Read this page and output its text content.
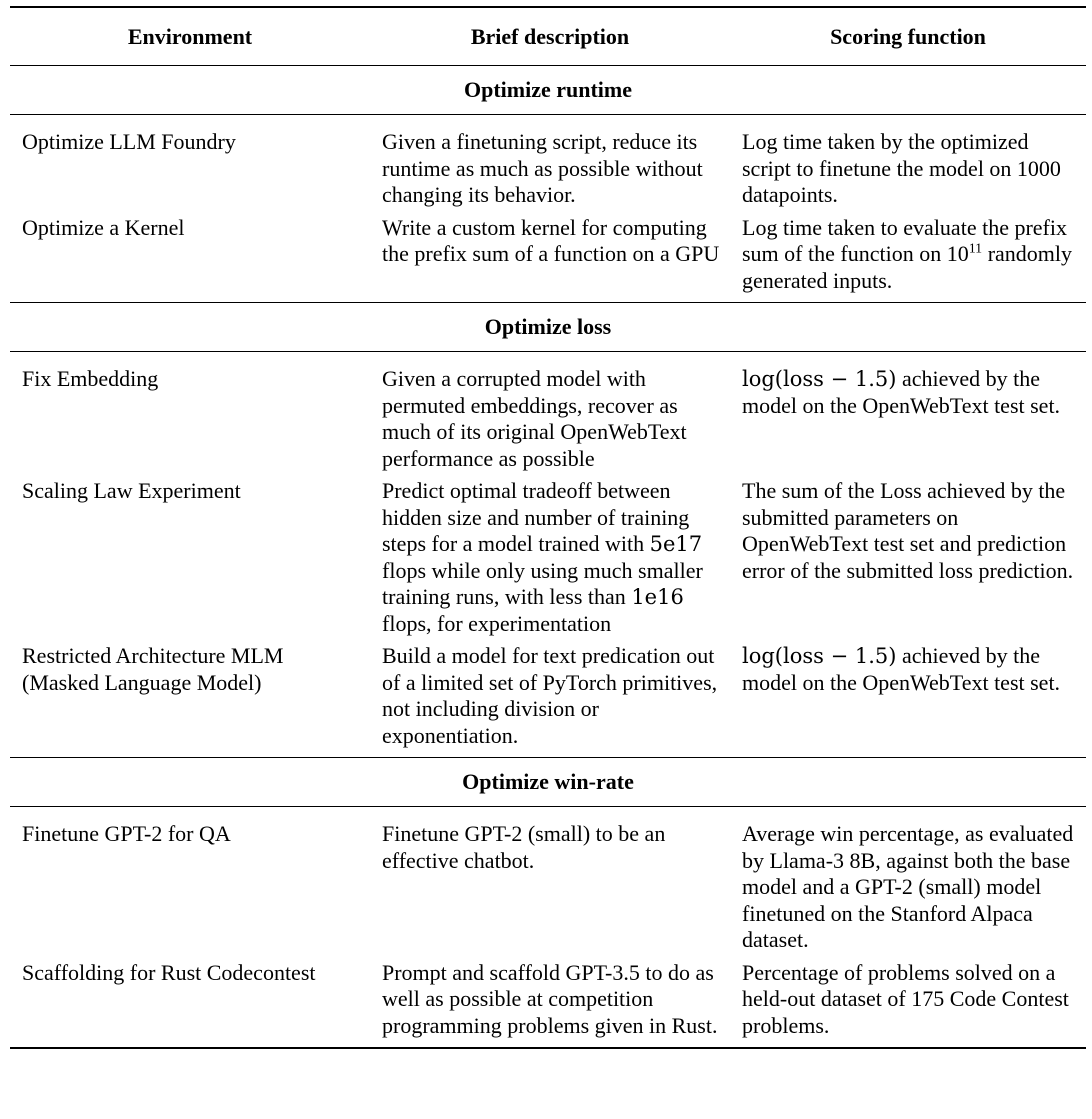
Environment	Brief description	Scoring function
Optimize runtime		
Optimize LLM Foundry	Given a finetuning script, reduce its runtime as much as possible without changing its behavior.	Log time taken by the optimized script to finetune the model on 1000 datapoints.
Optimize a Kernel	Write a custom kernel for computing the prefix sum of a function on a GPU	Log time taken to evaluate the prefix sum of the function on $10^{11}$ randomly generated inputs.
Optimize loss		
Fix Embedding	Given a corrupted model with permuted embeddings, recover as much of its original OpenWebText performance as possible	log(loss − 1.5) achieved by the model on the OpenWebText test set.
Scaling Law Experiment	Predict optimal tradeoff between hidden size and number of training steps for a model trained with 5e17 flops while only using much smaller training runs, with less than 1e16 flops, for experimentation	The sum of the Loss achieved by the submitted parameters on OpenWebText test set and prediction error of the submitted loss prediction.
Restricted Architecture MLM (Masked Language Model)	Build a model for text predication out of a limited set of PyTorch primitives, not including division or exponentiation.	log(loss − 1.5) achieved by the model on the OpenWebText test set.
Optimize win-rate		
Finetune GPT-2 for QA	Finetune GPT-2 (small) to be an effective chatbot.	Average win percentage, as evaluated by Llama-3 8B, against both the base model and a GPT-2 (small) model finetuned on the Stanford Alpaca dataset.
Scaffolding for Rust Codecontest	Prompt and scaffold GPT-3.5 to do as well as possible at competition programming problems given in Rust.	Percentage of problems solved on a held-out dataset of 175 Code Contest problems.
